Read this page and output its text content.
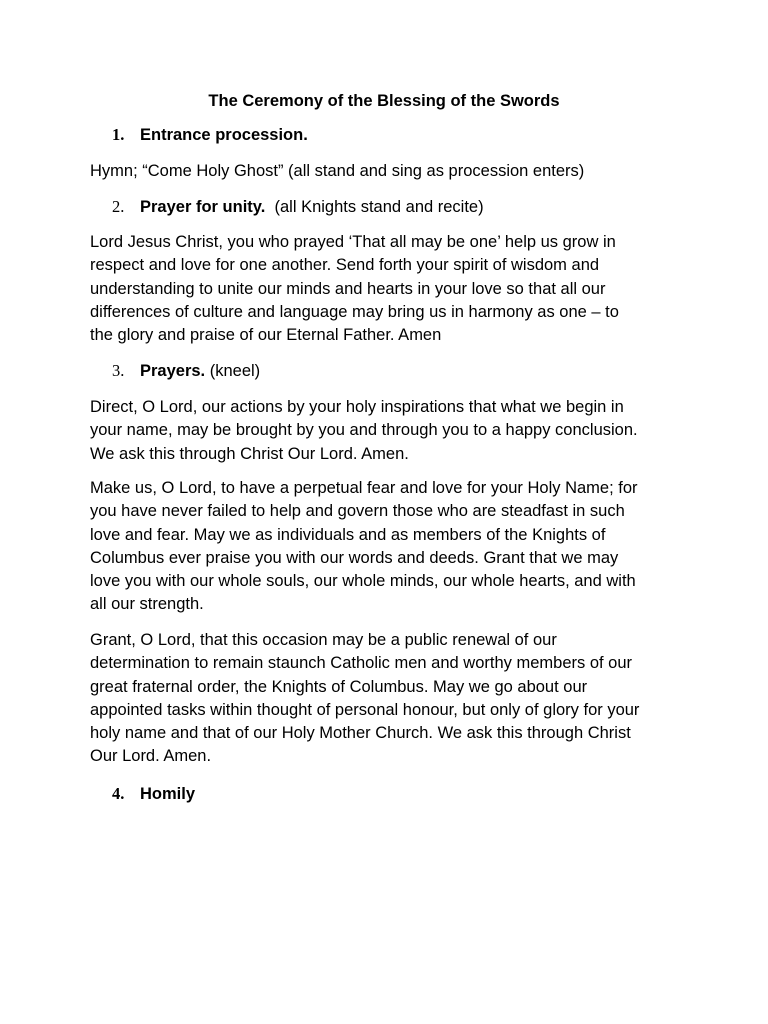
The Ceremony of the Blessing of the Swords
1. Entrance procession.
Hymn; “Come Holy Ghost” (all stand and sing as procession enters)
2. Prayer for unity.  (all Knights stand and recite)
Lord Jesus Christ, you who prayed ‘That all may be one’ help us grow in
respect and love for one another. Send forth your spirit of wisdom and
understanding to unite our minds and hearts in your love so that all our
differences of culture and language may bring us in harmony as one – to
the glory and praise of our Eternal Father. Amen
3. Prayers. (kneel)
Direct, O Lord, our actions by your holy inspirations that what we begin in
your name, may be brought by you and through you to a happy conclusion.
We ask this through Christ Our Lord. Amen.
Make us, O Lord, to have a perpetual fear and love for your Holy Name; for
you have never failed to help and govern those who are steadfast in such
love and fear. May we as individuals and as members of the Knights of
Columbus ever praise you with our words and deeds. Grant that we may
love you with our whole souls, our whole minds, our whole hearts, and with
all our strength.
Grant, O Lord, that this occasion may be a public renewal of our
determination to remain staunch Catholic men and worthy members of our
great fraternal order, the Knights of Columbus. May we go about our
appointed tasks within thought of personal honour, but only of glory for your
holy name and that of our Holy Mother Church. We ask this through Christ
Our Lord. Amen.
4. Homily
